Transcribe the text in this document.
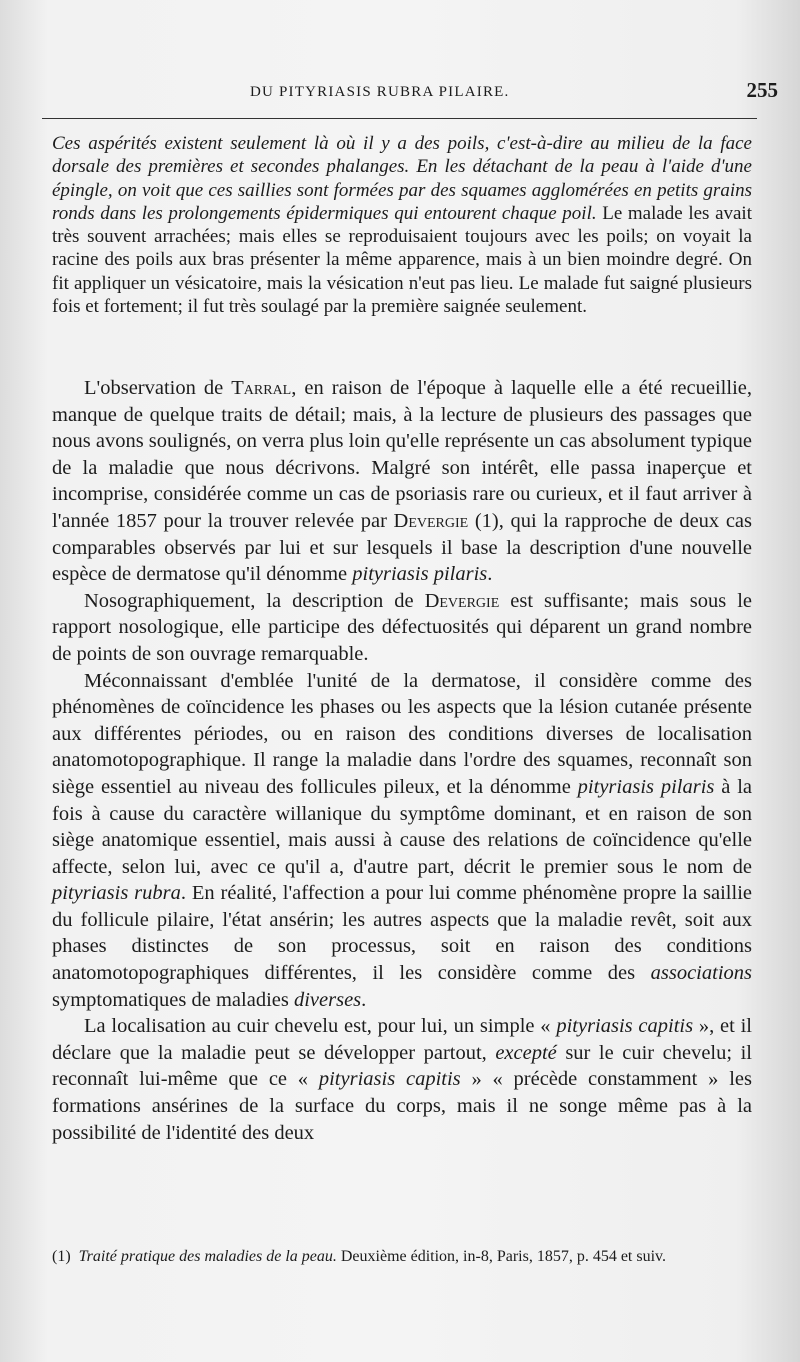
DU PITYRIASIS RUBRA PILAIRE.	255
Ces aspérités existent seulement là où il y a des poils, c'est-à-dire au milieu de la face dorsale des premières et secondes phalanges. En les détachant de la peau à l'aide d'une épingle, on voit que ces saillies sont formées par des squames agglomérées en petits grains ronds dans les prolongements épidermiques qui entourent chaque poil. Le malade les avait très souvent arrachées; mais elles se reproduisaient toujours avec les poils; on voyait la racine des poils aux bras présenter la même apparence, mais à un bien moindre degré. On fit appliquer un vésicatoire, mais la vésication n'eut pas lieu. Le malade fut saigné plusieurs fois et fortement; il fut très soulagé par la première saignée seulement.

L'observation de Tarral, en raison de l'époque à laquelle elle a été recueillie, manque de quelque traits de détail; mais, à la lecture de plusieurs des passages que nous avons soulignés, on verra plus loin qu'elle représente un cas absolument typique de la maladie que nous décrivons. Malgré son intérêt, elle passa inaperçue et incomprise, considérée comme un cas de psoriasis rare ou curieux, et il faut arriver à l'année 1857 pour la trouver relevée par Devergie (1), qui la rapproche de deux cas comparables observés par lui et sur lesquels il base la description d'une nouvelle espèce de dermatose qu'il dénomme pityriasis pilaris.

Nosographiquement, la description de Devergie est suffisante; mais sous le rapport nosologique, elle participe des défectuosités qui déparent un grand nombre de points de son ouvrage remarquable.

Méconnaissant d'emblée l'unité de la dermatose, il considère comme des phénomènes de coïncidence les phases ou les aspects que la lésion cutanée présente aux différentes périodes, ou en raison des conditions diverses de localisation anatomotopographique. Il range la maladie dans l'ordre des squames, reconnaît son siège essentiel au niveau des follicules pileux, et la dénomme pityriasis pilaris à la fois à cause du caractère willanique du symptôme dominant, et en raison de son siège anatomique essentiel, mais aussi à cause des relations de coïncidence qu'elle affecte, selon lui, avec ce qu'il a, d'autre part, décrit le premier sous le nom de pityriasis rubra. En réalité, l'affection a pour lui comme phénomène propre la saillie du follicule pilaire, l'état ansérin; les autres aspects que la maladie revêt, soit aux phases distinctes de son processus, soit en raison des conditions anatomotopographiques différentes, il les considère comme des associations symptomatiques de maladies diverses.

La localisation au cuir chevelu est, pour lui, un simple « pityriasis capitis », et il déclare que la maladie peut se développer partout, excepté sur le cuir chevelu; il reconnaît lui-même que ce « pityriasis capitis » « précède constamment » les formations ansérines de la surface du corps, mais il ne songe même pas à la possibilité de l'identité des deux

(1) Traité pratique des maladies de la peau. Deuxième édition, in-8, Paris, 1857, p. 454 et suiv.
